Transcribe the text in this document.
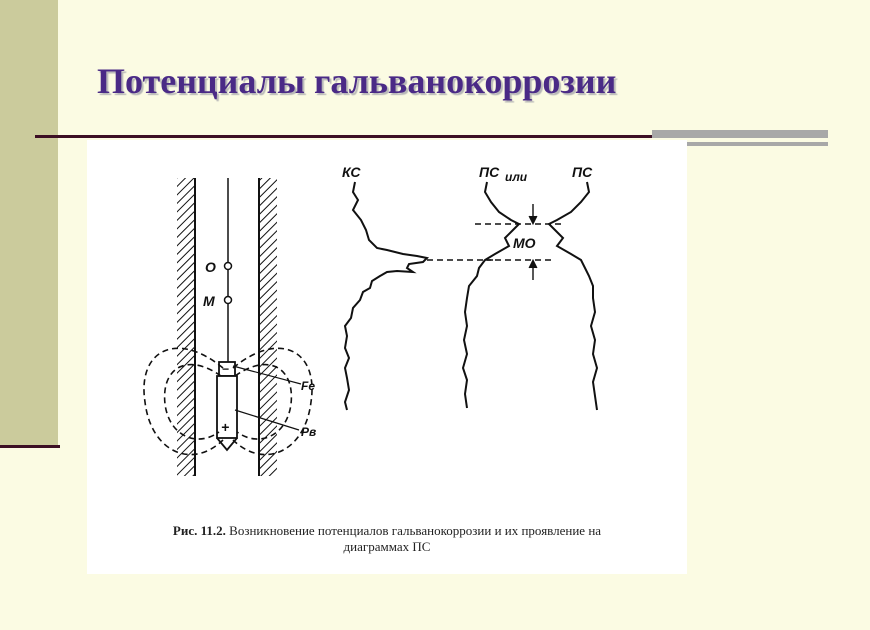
Потенциалы гальванокоррозии
О
М
−
+
Fe
Рв
КС	ПС или	ПС
МО
Рис. 11.2. Возникновение потенциалов гальванокоррозии и их проявление на
диаграммах ПС
